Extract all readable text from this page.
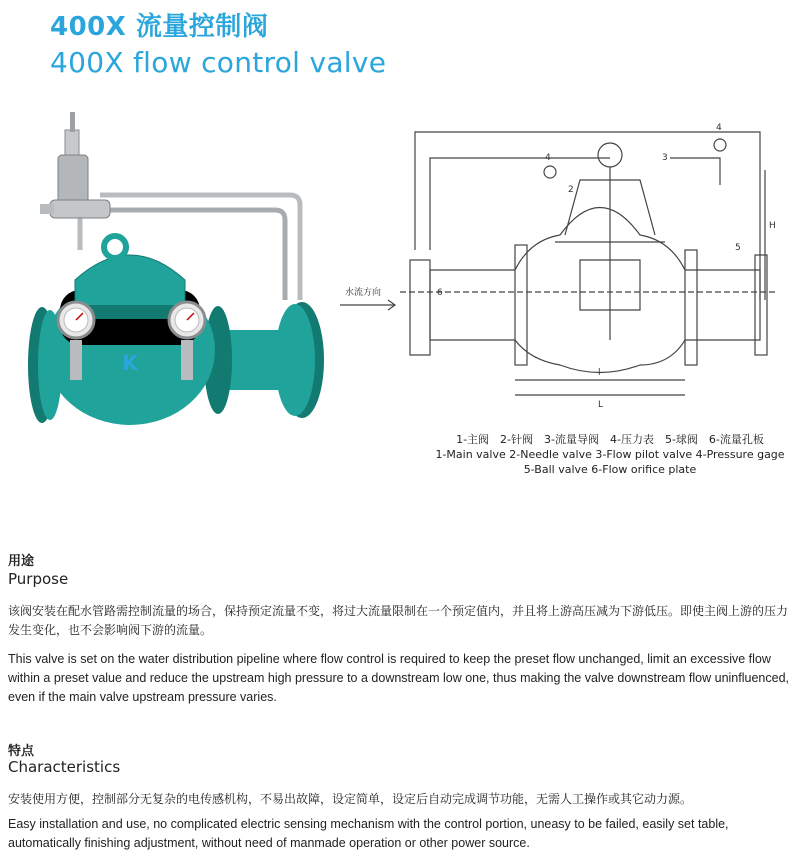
400X 流量控制阀
400X flow control valve
K
水流方向
4
2
3
4
5
6
H
L
l
1-主阀　2-针阀　3-流量导阀　4-压力表　5-球阀　6-流量孔板
1-Main valve 2-Needle valve 3-Flow pilot valve 4-Pressure gage
5-Ball valve 6-Flow orifice plate
用途
Purpose
该阀安装在配水管路需控制流量的场合，保持预定流量不变，将过大流量限制在一个预定值内，并且将上游高压减为下游低压。即使主阀上游的压力发生变化，也不会影响阀下游的流量。
This valve is set on the water distribution pipeline where flow control is required to keep the preset flow unchanged, limit an excessive flow within a preset value and reduce the upstream high pressure to a downstream low one, thus making the valve downstream flow uninfluenced, even if the main valve upstream pressure varies.
特点
Characteristics
安装使用方便，控制部分无复杂的电传感机构，不易出故障，设定简单，设定后自动完成调节功能，无需人工操作或其它动力源。
Easy installation and use, no complicated electric sensing mechanism with the control portion, uneasy to be failed, easily set table, automatically finishing adjustment, without need of manmade operation or other power source.
